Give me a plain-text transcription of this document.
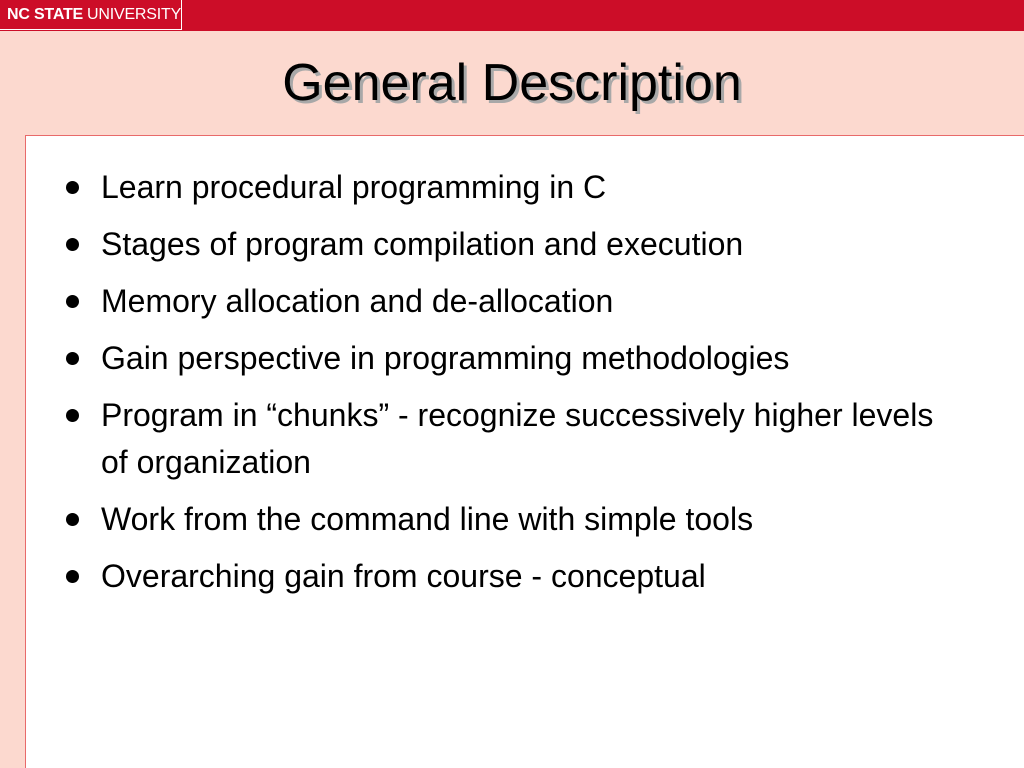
NC STATE UNIVERSITY
General Description
Learn procedural programming in C
Stages of program compilation and execution
Memory allocation and de-allocation
Gain perspective in programming methodologies
Program in “chunks” - recognize successively higher levels of organization
Work from the command line with simple tools
Overarching gain from course - conceptual
